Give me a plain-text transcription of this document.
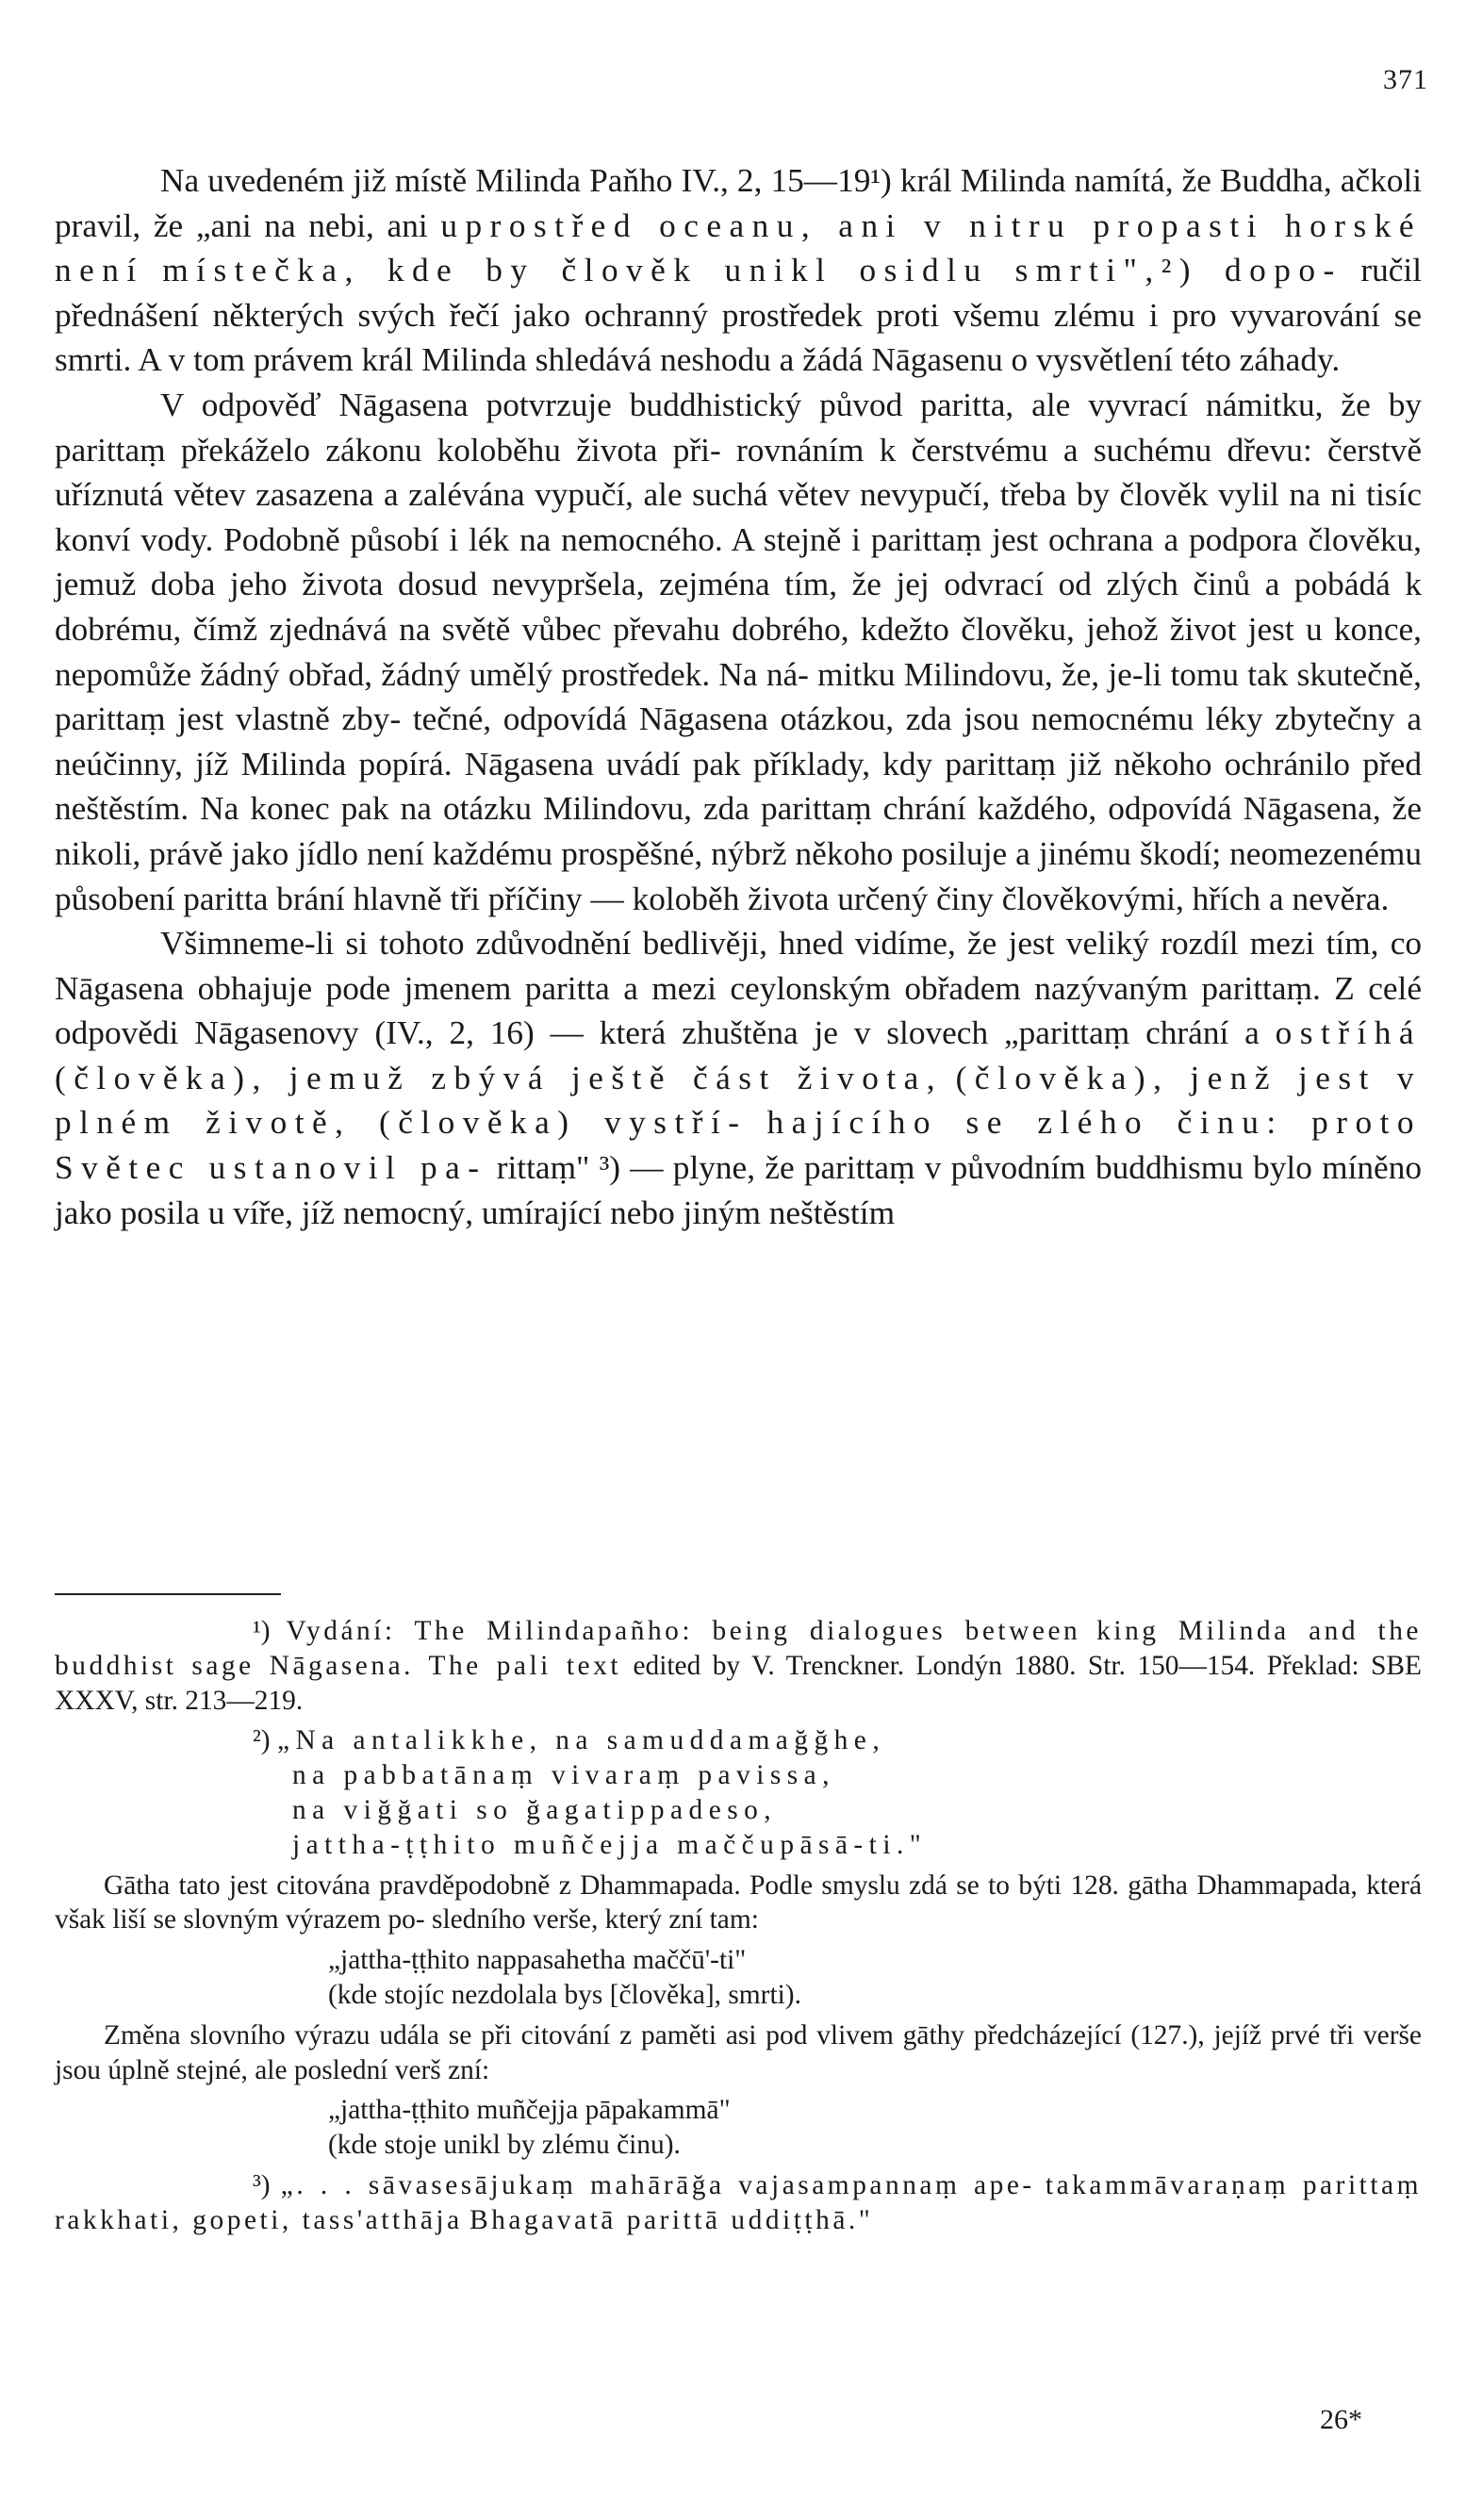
371

Na uvedeném již místě Milinda Paňho IV., 2, 15—19¹) král Milinda namítá, že Buddha, ačkoli pravil, že „ani na nebi, ani uprostřed oceanu, ani v nitru propasti horské není místečka, kde by člověk unikl osidlu smrti",²) dopo- ručil přednášení některých svých řečí jako ochranný prostředek proti všemu zlému i pro vyvarování se smrti. A v tom právem král Milinda shledává neshodu a žádá Nāgasenu o vysvětlení této záhady.

V odpověď Nāgasena potvrzuje buddhistický původ paritta, ale vyvrací námitku, že by parittaṃ překáželo zákonu koloběhu života při- rovnáním k čerstvému a suchému dřevu: čerstvě uříznutá větev zasazena a zalévána vypučí, ale suchá větev nevypučí, třeba by člověk vylil na ni tisíc konví vody. Podobně působí i lék na nemocného. A stejně i parittaṃ jest ochrana a podpora člověku, jemuž doba jeho života dosud nevypršela, zejména tím, že jej odvrací od zlých činů a pobádá k dobrému, čímž zjednává na světě vůbec převahu dobrého, kdežto člověku, jehož život jest u konce, nepomůže žádný obřad, žádný umělý prostředek. Na ná- mitku Milindovu, že, je-li tomu tak skutečně, parittaṃ jest vlastně zby- tečné, odpovídá Nāgasena otázkou, zda jsou nemocnému léky zbytečny a neúčinny, jíž Milinda popírá. Nāgasena uvádí pak příklady, kdy parittaṃ již někoho ochránilo před neštěstím. Na konec pak na otázku Milindovu, zda parittaṃ chrání každého, odpovídá Nāgasena, že nikoli, právě jako jídlo není každému prospěšné, nýbrž někoho posiluje a jinému škodí; neomezenému působení paritta brání hlavně tři příčiny — koloběh života určený činy člověkovými, hřích a nevěra.

Všimneme-li si tohoto zdůvodnění bedlivěji, hned vidíme, že jest veliký rozdíl mezi tím, co Nāgasena obhajuje pode jmenem paritta a mezi ceylonským obřadem nazývaným parittaṃ. Z celé odpovědi Nāgasenovy (IV., 2, 16) — která zhuštěna je v slovech „parittaṃ chrání a ostříhá (člověka), jemuž zbývá ještě část života, (člověka), jenž jest v plném životě, (člověka) vystří- hajícího se zlého činu: proto Světec ustanovil pa- rittaṃ" ³) — plyne, že parittaṃ v původním buddhismu bylo míněno jako posila u víře, jíž nemocný, umírající nebo jiným neštěstím

¹) Vydání: The Milindapañho: being dialogues between king Milinda and the buddhist sage Nāgasena. The pali text edited by V. Trenckner. Londýn 1880. Str. 150—154. Překlad: SBE XXXV, str. 213—219.

²) „Na antalikkhe, na samuddamağğhe,

na pabbatānaṃ vivaraṃ pavissa,

na viğğati so ğagatippadeso,

jattha-ṭṭhito muñčejja maččupāsā-ti."

Gātha tato jest citována pravděpodobně z Dhammapada. Podle smyslu zdá se to býti 128. gātha Dhammapada, která však liší se slovným výrazem po- sledního verše, který zní tam:

„jattha-ṭṭhito nappasahetha maččū'-ti"

(kde stojíc nezdolala bys [člověka], smrti).

Změna slovního výrazu udála se při citování z paměti asi pod vlivem gāthy předcházející (127.), jejíž prvé tři verše jsou úplně stejné, ale poslední verš zní:

„jattha-ṭṭhito muñčejja pāpakammā"

(kde stoje unikl by zlému činu).

³) „. . . sāvasesājukaṃ mahārāğa vajasampannaṃ ape- takammāvaraṇaṃ parittaṃ rakkhati, gopeti, tass'atthāja Bhagavatā parittā uddiṭṭhā."

26*
